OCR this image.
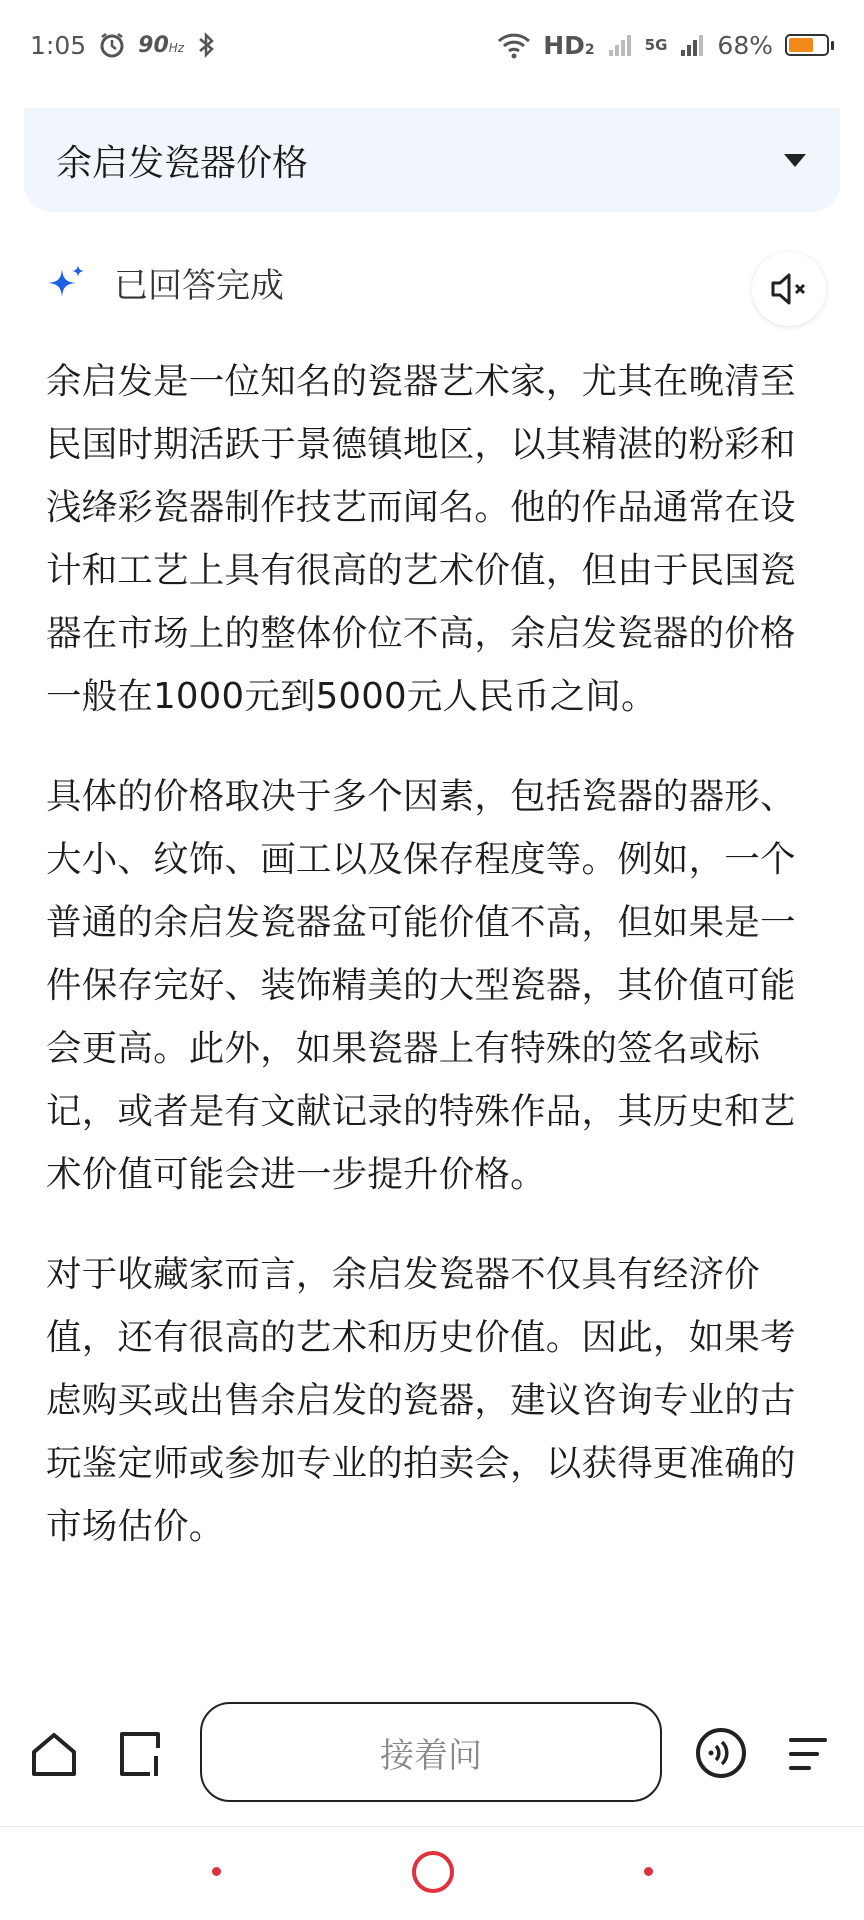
1:05 90Hz	HD2	5G 68%
余启发瓷器价格
已回答完成

余启发是一位知名的瓷器艺术家，尤其在晚清至民国时期活跃于景德镇地区，以其精湛的粉彩和浅绛彩瓷器制作技艺而闻名。他的作品通常在设计和工艺上具有很高的艺术价值，但由于民国瓷器在市场上的整体价位不高，余启发瓷器的价格一般在1000元到5000元人民币之间。

具体的价格取决于多个因素，包括瓷器的器形、大小、纹饰、画工以及保存程度等。例如，一个普通的余启发瓷器盆可能价值不高，但如果是一件保存完好、装饰精美的大型瓷器，其价值可能会更高。此外，如果瓷器上有特殊的签名或标记，或者是有文献记录的特殊作品，其历史和艺术价值可能会进一步提升价格。

对于收藏家而言，余启发瓷器不仅具有经济价值，还有很高的艺术和历史价值。因此，如果考虑购买或出售余启发的瓷器，建议咨询专业的古玩鉴定师或参加专业的拍卖会，以获得更准确的市场估价。

接着问
